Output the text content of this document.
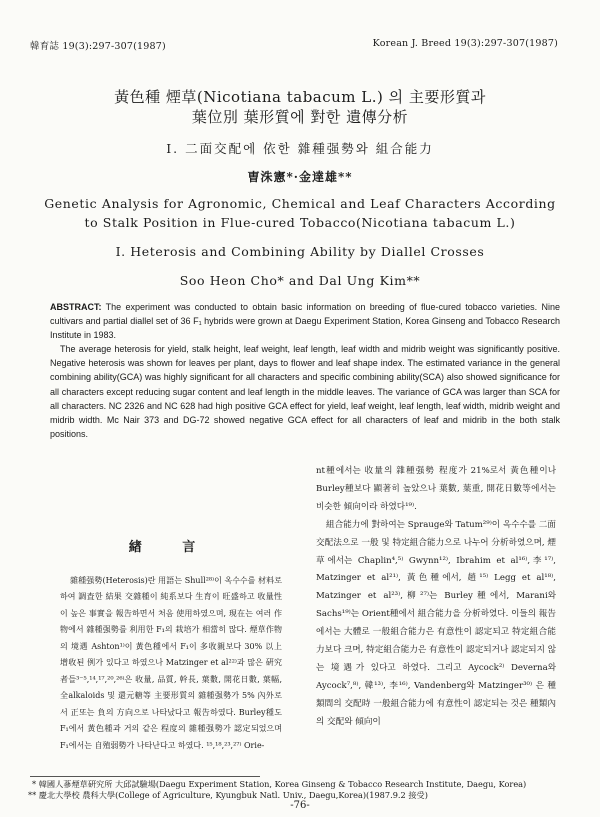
韓育誌 19(3):297-307(1987)	Korean J. Breed 19(3):297-307(1987)
黃色種 煙草(Nicotiana tabacum L.) 의 主要形質과
葉位別 葉形質에 對한 遺傳分析
Ⅰ. 二面交配에 依한 雜種强勢와 組合能力
曺洙憲*·金達雄**
Genetic Analysis for Agronomic, Chemical and Leaf Characters According
to Stalk Position in Flue-cured Tobacco(Nicotiana tabacum L.)
Ⅰ. Heterosis and Combining Ability by Diallel Crosses
Soo Heon Cho* and Dal Ung Kim**

ABSTRACT: The experiment was conducted to obtain basic information on breeding of flue-cured tobacco varieties. Nine cultivars and partial diallel set of 36 F₁ hybrids were grown at Daegu Experiment Station, Korea Ginseng and Tobacco Research Institute in 1983.

The average heterosis for yield, stalk height, leaf weight, leaf length, leaf width and midrib weight was significantly positive. Negative heterosis was shown for leaves per plant, days to flower and leaf shape index. The estimated variance in the general combining ability(GCA) was highly significant for all characters and specific combining ability(SCA) also showed significance for all characters except reducing sugar content and leaf length in the middle leaves. The variance of GCA was larger than SCA for all characters. NC 2326 and NC 628 had high positive GCA effect for yield, leaf weight, leaf length, leaf width, midrib weight and midrib width. Mc Nair 373 and DG-72 showed negative GCA effect for all characters of leaf and midrib in the both stalk positions.

緖 言

雜種强勢(Heterosis)란 用語는 Shull²⁸⁾이 옥수수를 材料로 하여 調査한 結果 交雜種이 純系보다 生育이 旺盛하고 收量性이 높은 事實을 報告하면서 처음 使用하였으며, 現在는 여러 作物에서 雜種强勢를 利用한 F₁의 栽培가 相當히 많다. 煙草作物의 境遇 Ashton¹⁾이 黃色種에서 F₁이 多收親보다 30% 以上 增收된 例가 있다고 하였으나 Matzinger et al²²⁾과 많은 硏究者들³⁻⁵,¹⁴,¹⁷,²⁰,²⁶⁾은 收量, 品質, 幹長, 葉數, 開花日數, 葉幅, 全alkaloids 및 還元糖等 主要形質의 雜種强勢가 5% 內外로서 正또는 負의 方向으로 나타났다고 報告하였다. Burley種도 F₁에서 黃色種과 거의 같은 程度의 雜種强勢가 認定되었으며 F₁에서는 自殖弱勢가 나타난다고 하였다. ¹⁵,¹⁸,²³,²⁷⁾ Orie-

nt種에서는 收量의 雜種强勢 程度가 21%로서 黃色種이나 Burley種보다 顯著히 높았으나 葉數, 葉重, 開花日數等에서는 비슷한 傾向이라 하였다¹⁹⁾.

組合能力에 對하여는 Sprauge와 Tatum²⁹⁾이 옥수수를 二面交配法으로 一般 및 特定組合能力으로 나누어 分析하였으며, 煙草에서는 Chaplin⁴,⁵⁾ Gwynn¹²⁾, Ibrahim et al¹⁶⁾,李¹⁷⁾, Matzinger et al²¹⁾, 黃色種에서, 趙¹⁵⁾ Legg et al¹⁸⁾, Matzinger et al²³⁾,柳²⁷⁾는 Burley種에서, Marani와 Sachs¹⁹⁾는 Orient種에서 組合能力을 分析하였다. 이들의 報告에서는 大體로 一般組合能力은 有意性이 認定되고 特定組合能力보다 크며, 特定組合能力은 有意性이 認定되거나 認定되지 않는 境遇가 있다고 하였다. 그리고 Aycock²⁾ Deverna와 Aycock⁷,⁸⁾, 韓¹³⁾, 李¹⁶⁾, Vandenberg와 Matzinger³⁰⁾ 은 種類間의 交配時 一般組合能力에 有意性이 認定되는 것은 種類內의 交配와 傾向이

* 韓國人蔘煙草硏究所 大邱試驗場(Daegu Experiment Station, Korea Ginseng & Tobacco Research Institute, Daegu, Korea)
** 慶北大學校 農科大學(College of Agriculture, Kyungbuk Natl. Univ., Daegu,Korea)(1987.9.2 接受)
-76-
